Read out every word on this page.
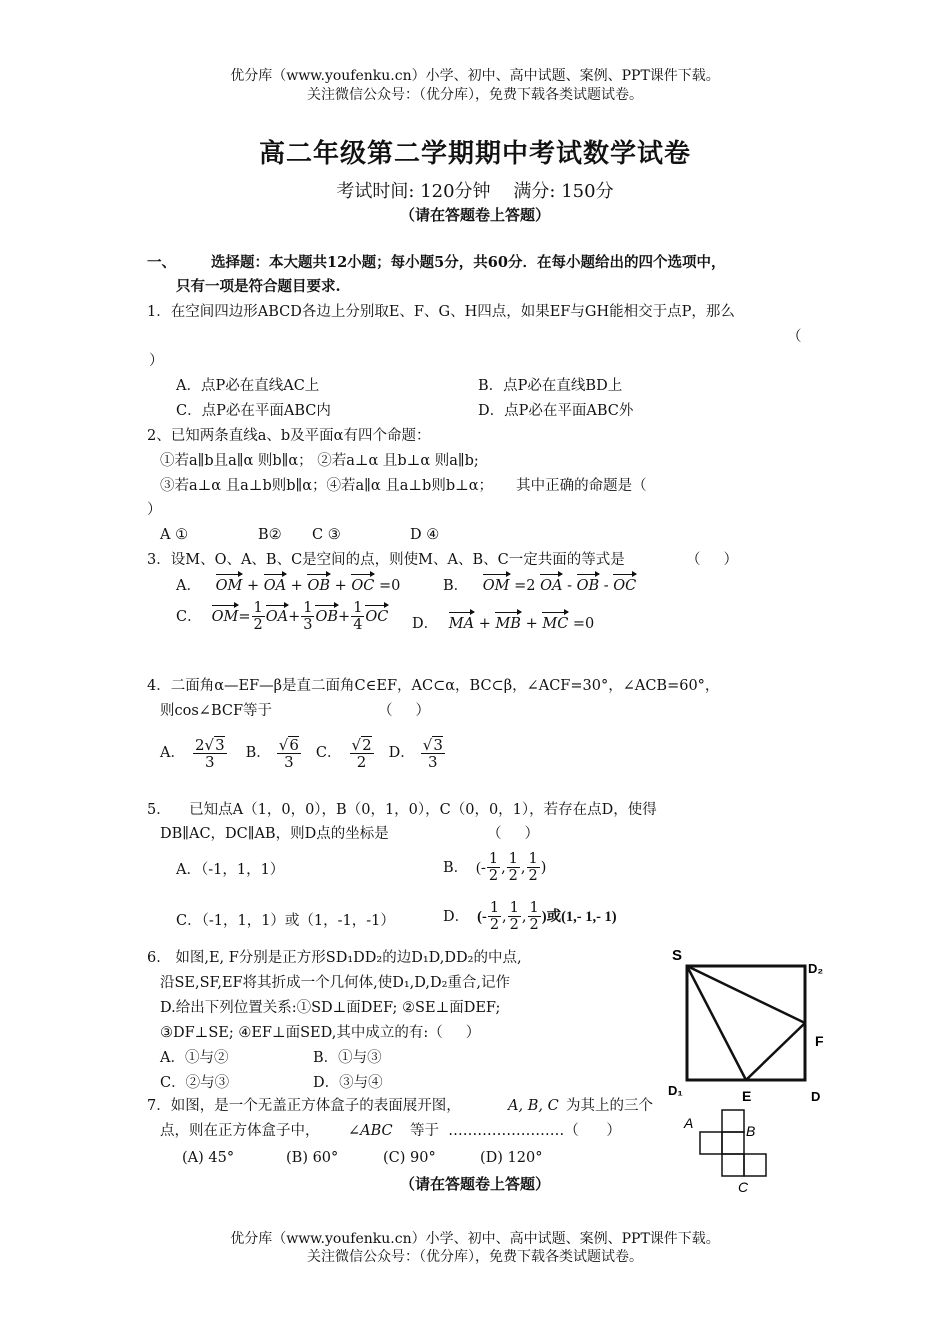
优分库（www.youfenku.cn）小学、初中、高中试题、案例、PPT课件下载。
关注微信公众号：（优分库），免费下载各类试题试卷。
高二年级第二学期期中考试数学试卷
考试时间: 120分钟    满分: 150分
（请在答题卷上答题）
一、 选择题：本大题共12小题；每小题5分，共60分．在每小题给出的四个选项中，
只有一项是符合题目要求.
1．在空间四边形ABCD各边上分别取E、F、G、H四点，如果EF与GH能相交于点P，那么
（
）
A．点P必在直线AC上	B．点P必在直线BD上
C．点P必在平面ABC内	D．点P必在平面ABC外
2、已知两条直线a、b及平面α有四个命题：
①若a∥b且a∥α 则b∥α； ②若a⊥α 且b⊥α 则a∥b;
③若a⊥α 且a⊥b则b∥α；④若a∥α 且a⊥b则b⊥α；     其中正确的命题是（
）
A ①	B② C ③	D ④
3．设M、O、A、B、C是空间的点，则使M、A、B、C一定共面的等式是	（     ）
A． OM + OA + OB + OC =0	B． OM =2 OA - OB - OC
C． OM = $\frac{1}{2}$ OA + $\frac{1}{3}$ OB + $\frac{1}{4}$ OC D． MA + MB + MC =0
4．二面角α—EF—β是直二面角C∈EF，AC⊂α，BC⊂β，∠ACF=30°，∠ACB=60°，
则cos∠BCF等于	（     ）
A． $\frac{2√3}{3}$ B． $\frac{√6}{3}$ C． $\frac{√2}{2}$ D． $\frac{√3}{3}$
5．    已知点A（1，0，0），B（0，1，0），C（0，0，1），若存在点D，使得
DB∥AC，DC∥AB，则D点的坐标是	（     ）
A．（-1，1，1）	B． (- $\frac{1}{2}$ , $\frac{1}{2}$ , $\frac{1}{2}$ )
C．（-1，1，1）或（1，-1，-1）	D． (- $\frac{1}{2}$ , $\frac{1}{2}$ , $\frac{1}{2}$ )或(1,- 1,- 1)
6． 如图,E, F分别是正方形SD₁DD₂的边D₁D,DD₂的中点,
沿SE,SF,EF将其折成一个几何体,使D₁,D,D₂重合,记作
D.给出下列位置关系:①SD⊥面DEF; ②SE⊥面DEF;
③DF⊥SE; ④EF⊥面SED,其中成立的有:（     ）
A．①与②	B．①与③
C．②与③	D．③与④
S
D₂
F
D₁	E	D
7．如图，是一个无盖正方体盒子的表面展开图，	A, B, C 为其上的三个
点，则在正方体盒子中， ∠ABC 等于  ……………………（      ）
(A) 45°	(B) 60°	(C) 90°	(D) 120°
A	B
C
（请在答题卷上答题）
优分库（www.youfenku.cn）小学、初中、高中试题、案例、PPT课件下载。
关注微信公众号：（优分库），免费下载各类试题试卷。
